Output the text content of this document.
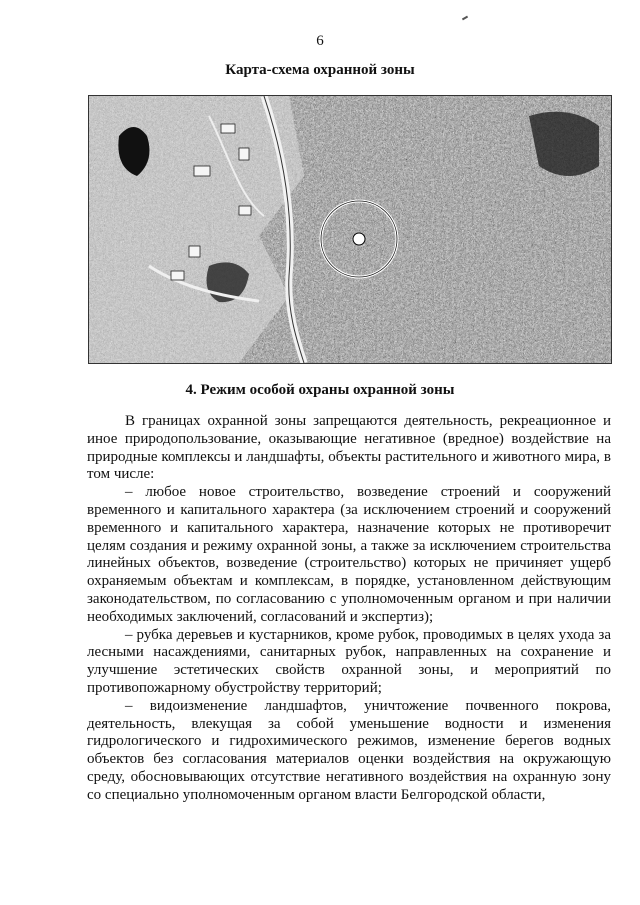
6
Карта-схема охранной зоны
4. Режим особой охраны охранной зоны

В границах охранной зоны запрещаются деятельность, рекреационное и иное природопользование, оказывающие негативное (вредное) воздействие на природные комплексы и ландшафты, объекты растительного и животного мира, в том числе:

– любое новое строительство, возведение строений и сооружений временного и капитального характера (за исключением строений и сооружений временного и капитального характера, назначение которых не противоречит целям создания и режиму охранной зоны, а также за исключением строительства линейных объектов, возведение (строительство) которых не причиняет ущерб охраняемым объектам и комплексам, в порядке, установленном действующим законодательством, по согласованию с уполномоченным органом и при наличии необходимых заключений, согласований и экспертиз);

– рубка деревьев и кустарников, кроме рубок, проводимых в целях ухода за лесными насаждениями, санитарных рубок, направленных на сохранение и улучшение эстетических свойств охранной зоны, и мероприятий по противопожарному обустройству территорий;

– видоизменение ландшафтов, уничтожение почвенного покрова, деятельность, влекущая за собой уменьшение водности и изменения гидрологического и гидрохимического режимов, изменение берегов водных объектов без согласования материалов оценки воздействия на окружающую среду, обосновывающих отсутствие негативного воздействия на охранную зону со специально уполномоченным органом власти Белгородской области,
